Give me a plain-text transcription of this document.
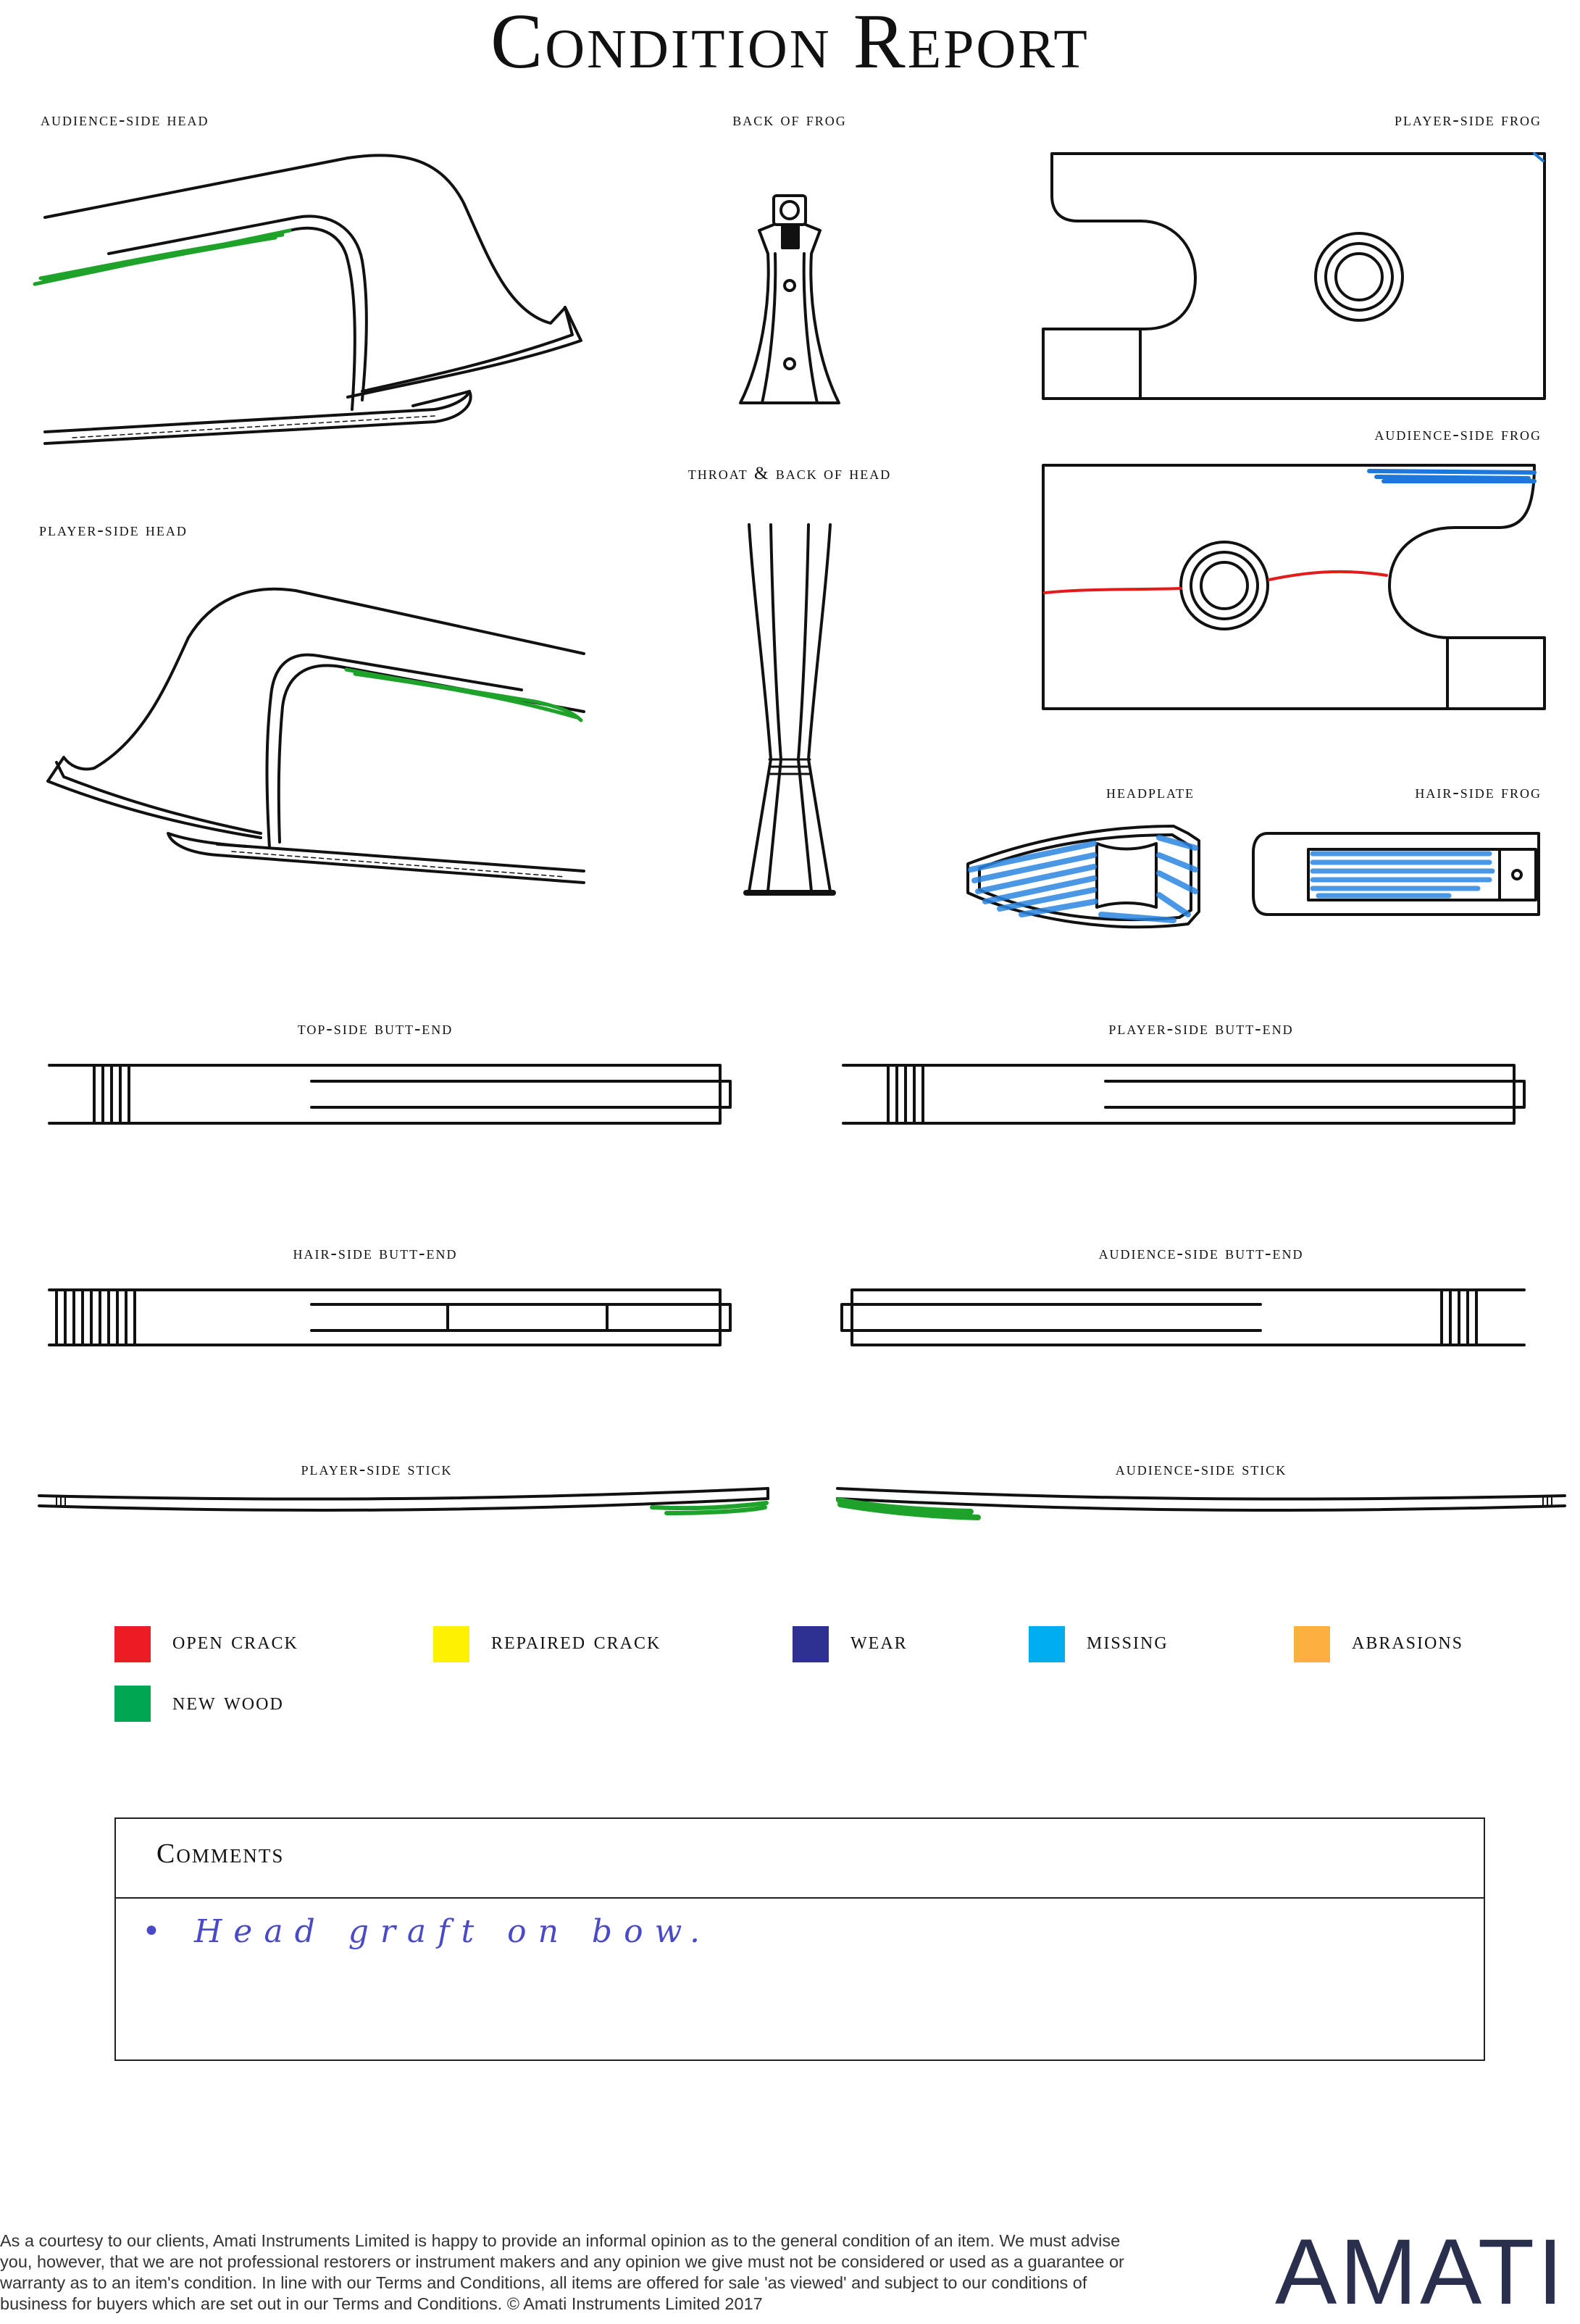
Condition Report
audience-side head	back of frog	player-side frog
throat & back of head
player-side head
audience-side frog
headplate	hair-side frog
top-side butt-end	player-side butt-end
hair-side butt-end	audience-side butt-end
player-side stick	audience-side stick
open crack	repaired crack	wear	missing	abrasions
new wood
Comments
• Head graft on bow.
As a courtesy to our clients, Amati Instruments Limited is happy to provide an informal opinion as to the general condition of an item. We must advise you, however, that we are not professional restorers or instrument makers and any opinion we give must not be considered or used as a guarantee or warranty as to an item's condition. In line with our Terms and Conditions, all items are offered for sale 'as viewed' and subject to our conditions of business for buyers which are set out in our Terms and Conditions. © Amati Instruments Limited 2017	AMATI
